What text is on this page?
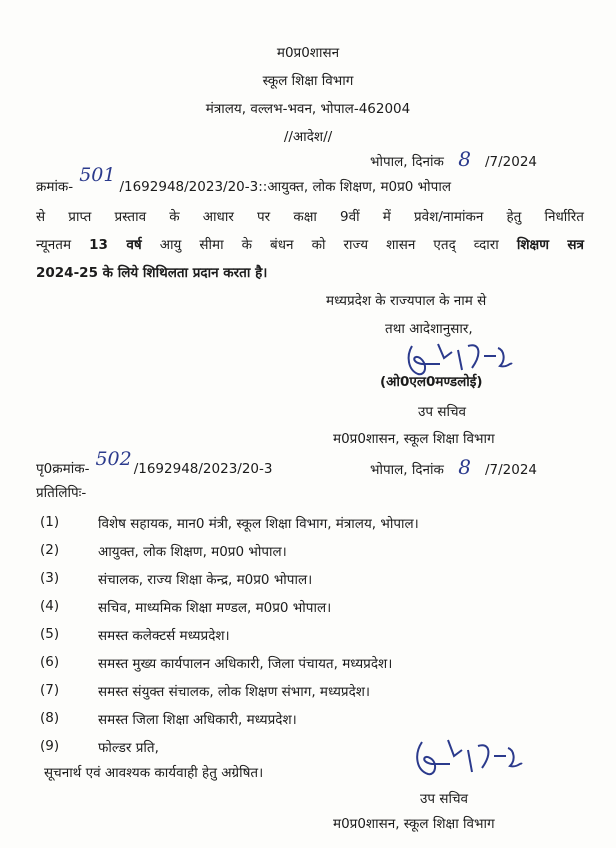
म0प्र0शासन
स्कूल शिक्षा विभाग
मंत्रालय, वल्लभ-भवन, भोपाल-462004
//आदेश//
भोपाल, दिनांक 8 /7/2024
क्रमांक-501/1692948/2023/20-3::आयुक्त, लोक शिक्षण, म0प्र0 भोपाल
से प्राप्त प्रस्ताव के आधार पर कक्षा 9वीं में प्रवेश/नामांकन हेतु निर्धारित
न्यूनतम 13 वर्ष आयु सीमा के बंधन को राज्य शासन एतद् व्दारा शिक्षण सत्र
2024-25 के लिये शिथिलता प्रदान करता है।
मध्यप्रदेश के राज्यपाल के नाम से
तथा आदेशानुसार,
(ओ0एल0मण्डलोई)
उप सचिव
म0प्र0शासन, स्कूल शिक्षा विभाग
पृ0क्रमांक- 502 /1692948/2023/20-3	भोपाल, दिनांक 8 /7/2024
प्रतिलिपिः-
(1)	विशेष सहायक, मान0 मंत्री, स्कूल शिक्षा विभाग, मंत्रालय, भोपाल।
(2)	आयुक्त, लोक शिक्षण, म0प्र0 भोपाल।
(3)	संचालक, राज्य शिक्षा केन्द्र, म0प्र0 भोपाल।
(4)	सचिव, माध्यमिक शिक्षा मण्डल, म0प्र0 भोपाल।
(5)	समस्त कलेक्टर्स मध्यप्रदेश।
(6)	समस्त मुख्य कार्यपालन अधिकारी, जिला पंचायत, मध्यप्रदेश।
(7)	समस्त संयुक्त संचालक, लोक शिक्षण संभाग, मध्यप्रदेश।
(8)	समस्त जिला शिक्षा अधिकारी, मध्यप्रदेश।
(9)	फोल्डर प्रति,
सूचनार्थ एवं आवश्यक कार्यवाही हेतु अग्रेषित।
उप सचिव
म0प्र0शासन, स्कूल शिक्षा विभाग
